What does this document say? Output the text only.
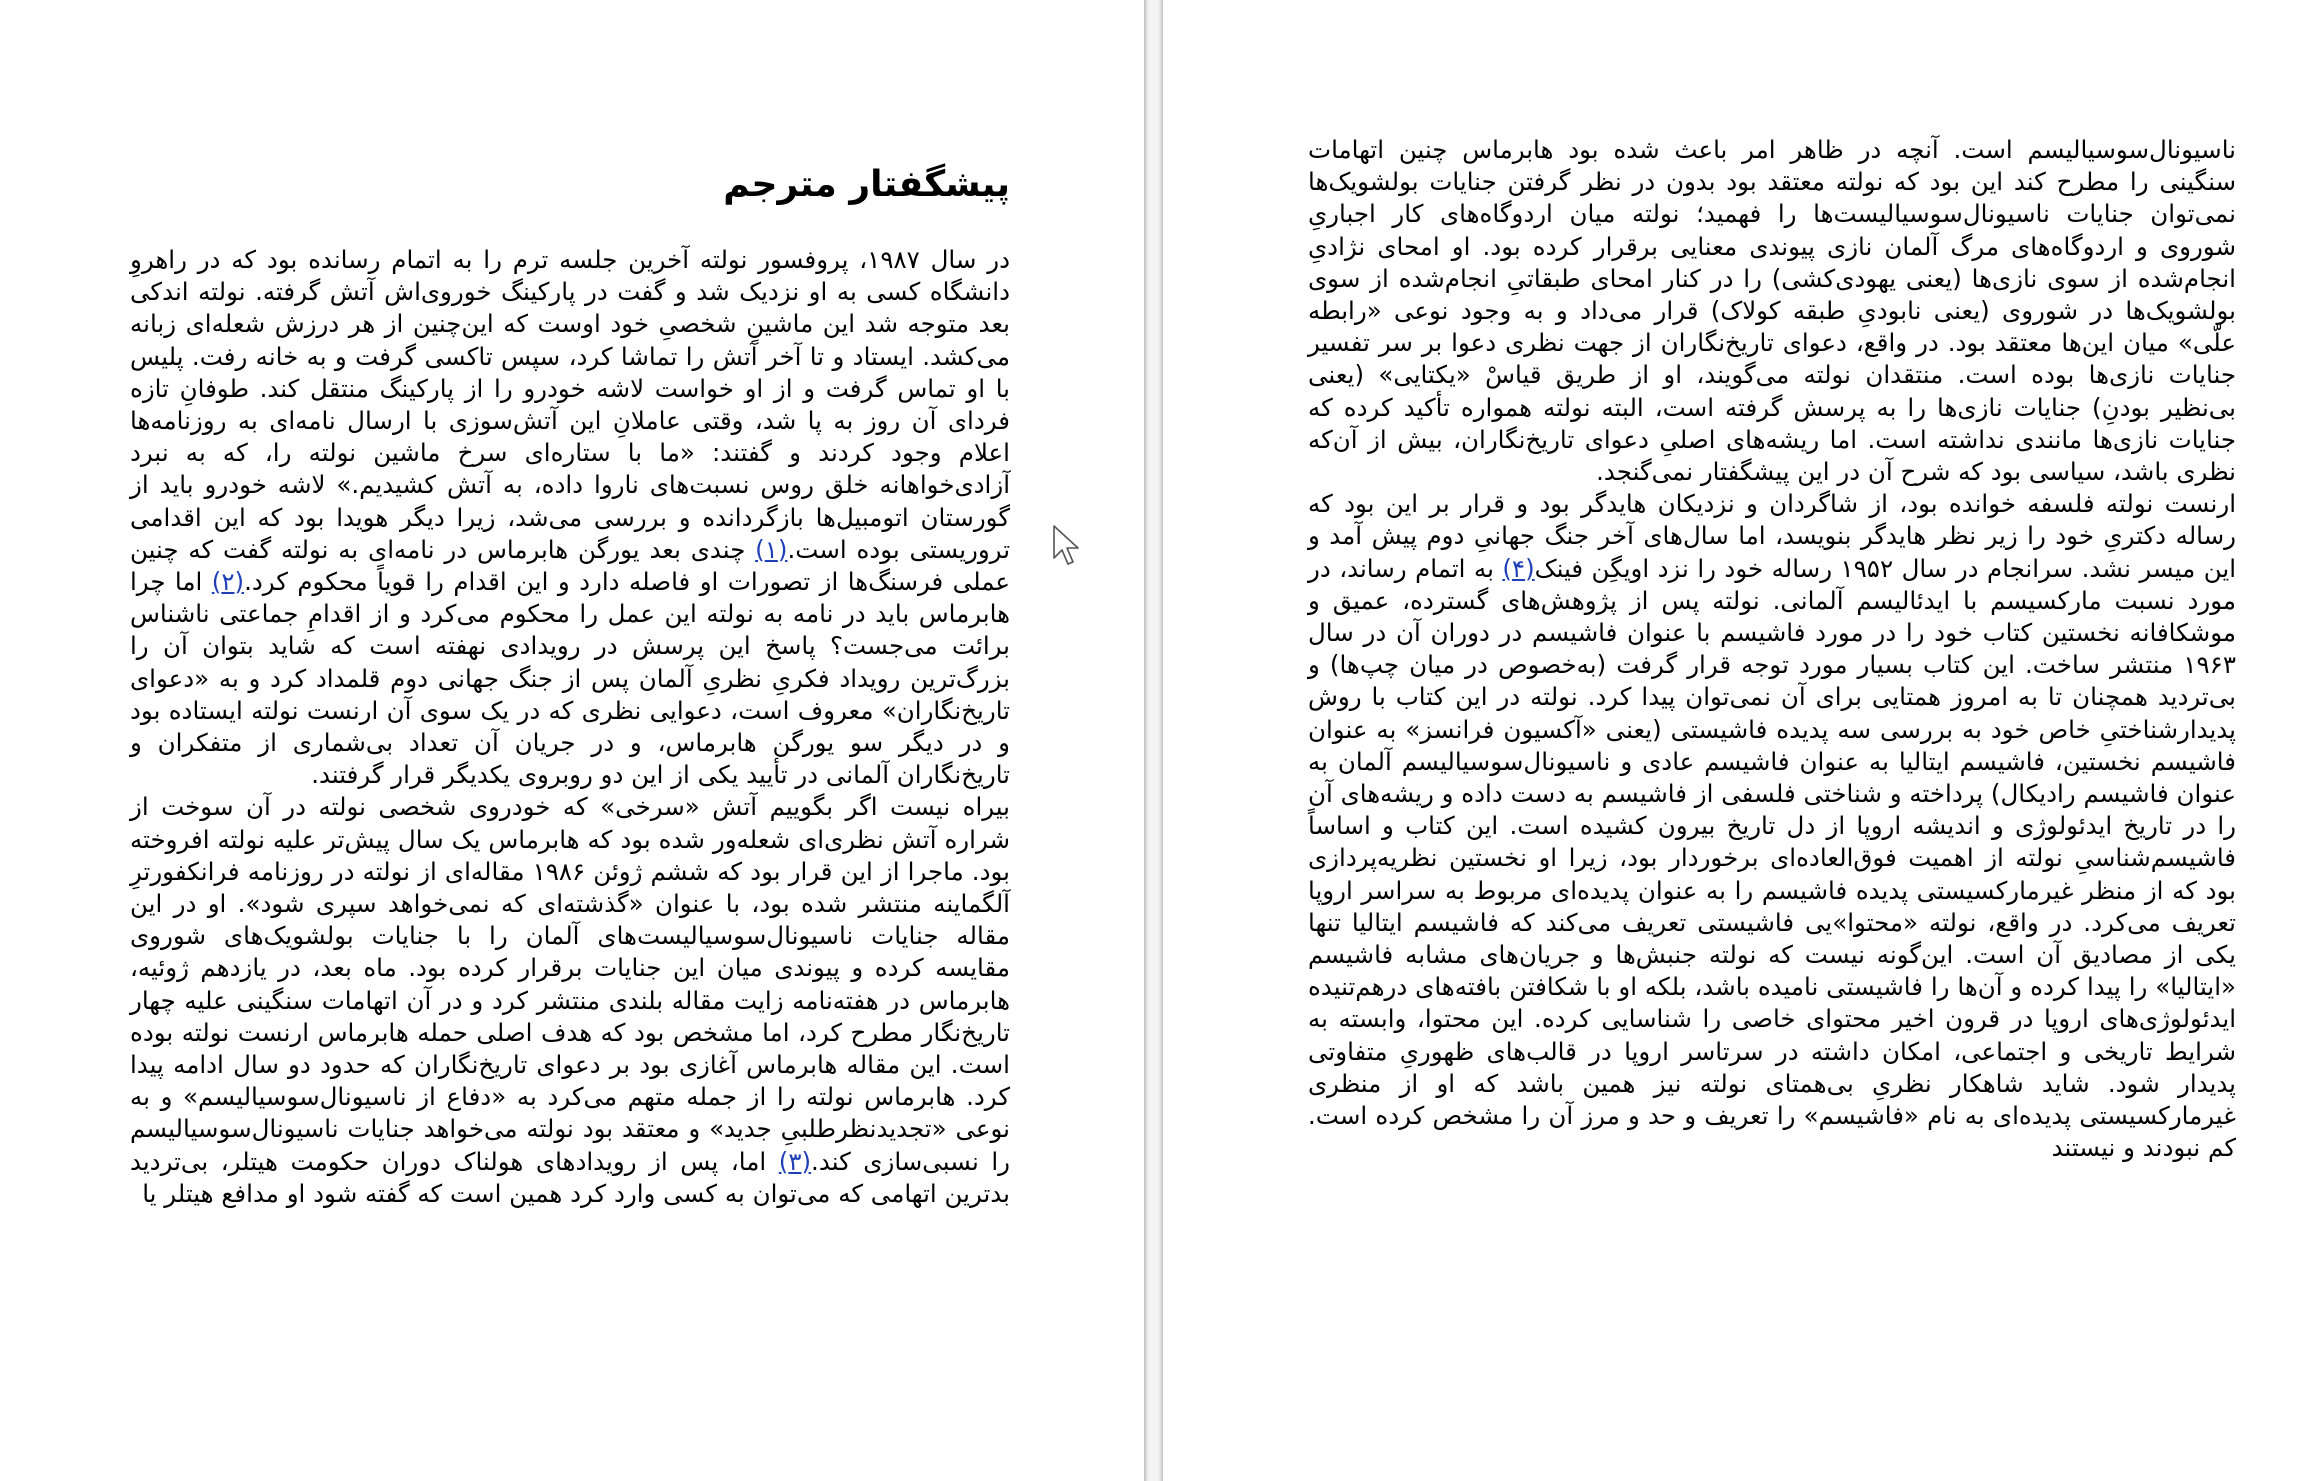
پیشگفتار مترجم

در سال ۱۹۸۷، پروفسور نولته آخرین جلسه ترم را به اتمام رسانده بود که در راهروِ دانشگاه کسی به او نزدیک شد و گفت در پارکینگ خوروی‌اش آتش گرفته. نولته اندکی بعد متوجه شد این ماشینِ شخصیِ خود اوست که این‌چنین از هر درزش شعله‌ای زبانه می‌کشد. ایستاد و تا آخر آتش را تماشا کرد، سپس تاکسی گرفت و به خانه رفت. پلیس با او تماس گرفت و از او خواست لاشه خودرو را از پارکینگ منتقل کند. طوفانِ تازه فردای آن روز به پا شد، وقتی عاملانِ این آتش‌سوزی با ارسال نامه‌ای به روزنامه‌ها اعلام وجود کردند و گفتند: «ما با ستاره‌ای سرخ ماشین نولته را، که به نبرد آزادی‌خواهانه خلق روس نسبت‌های ناروا داده، به آتش کشیدیم.» لاشه خودرو باید از گورستان اتومبیل‌ها بازگردانده و بررسی می‌شد، زیرا دیگر هویدا بود که این اقدامی تروریستی بوده است.(۱) چندی بعد یورگن هابرماس در نامه‌ای به نولته گفت که چنین عملی فرسنگ‌ها از تصورات او فاصله دارد و این اقدام را قویاً محکوم کرد.(۲) اما چرا هابرماس باید در نامه به نولته این عمل را محکوم می‌کرد و از اقدامِ جماعتی ناشناس برائت می‌جست؟ پاسخ این پرسش در رویدادی نهفته است که شاید بتوان آن را بزرگ‌ترین رویداد فکریِ نظریِ آلمان پس از جنگ جهانی دوم قلمداد کرد و به «دعوای تاریخ‌نگاران» معروف است، دعوایی نظری که در یک سوی آن ارنست نولته ایستاده بود و در دیگر سو یورگن هابرماس، و در جریان آن تعداد بی‌شماری از متفکران و تاریخ‌نگاران آلمانی در تأیید یکی از این دو روبروی یکدیگر قرار گرفتند.

بیراه نیست اگر بگوییم آتش «سرخی» که خودروی شخصی نولته در آن سوخت از شراره آتش نظری‌ای شعله‌ور شده بود که هابرماس یک سال پیش‌تر علیه نولته افروخته بود. ماجرا از این قرار بود که ششم ژوئن ۱۹۸۶ مقاله‌ای از نولته در روزنامه فرانکفورترِ آلگماینه منتشر شده بود، با عنوان «گذشته‌ای که نمی‌خواهد سپری شود». او در این مقاله جنایات ناسیونال‌سوسیالیست‌های آلمان را با جنایات بولشویک‌های شوروی مقایسه کرده و پیوندی میان این جنایات برقرار کرده بود. ماه بعد، در یازدهم ژوئیه، هابرماس در هفته‌نامه زایت مقاله بلندی منتشر کرد و در آن اتهامات سنگینی علیه چهار تاریخ‌نگار مطرح کرد، اما مشخص بود که هدف اصلی حمله هابرماس ارنست نولته بوده است. این مقاله هابرماس آغازی بود بر دعوای تاریخ‌نگاران که حدود دو سال ادامه پیدا کرد. هابرماس نولته را از جمله متهم می‌کرد به «دفاع از ناسیونال‌سوسیالیسم» و به نوعی «تجدیدنظرطلبیِ جدید» و معتقد بود نولته می‌خواهد جنایات ناسیونال‌سوسیالیسم را نسبی‌سازی کند.(۳) اما، پس از رویدادهای هولناک دوران حکومت هیتلر، بی‌تردید بدترین اتهامی که می‌توان به کسی وارد کرد همین است که گفته شود او مدافع هیتلر یا

ناسیونال‌سوسیالیسم است. آنچه در ظاهر امر باعث شده بود هابرماس چنین اتهامات سنگینی را مطرح کند این بود که نولته معتقد بود بدون در نظر گرفتن جنایات بولشویک‌ها نمی‌توان جنایات ناسیونال‌سوسیالیست‌ها را فهمید؛ نولته میان اردوگاه‌های کار اجباریِ شوروی و اردوگاه‌های مرگ آلمان نازی پیوندی معنایی برقرار کرده بود. او امحای نژادیِ انجام‌شده از سوی نازی‌ها (یعنی یهودی‌کشی) را در کنار امحای طبقاتیِ انجام‌شده از سوی بولشویک‌ها در شوروی (یعنی نابودیِ طبقه کولاک) قرار می‌داد و به وجود نوعی «رابطه علّی» میان این‌ها معتقد بود. در واقع، دعوای تاریخ‌نگاران از جهت نظری دعوا بر سر تفسیر جنایات نازی‌ها بوده است. منتقدان نولته می‌گویند، او از طریق قیاسْ «یکتایی» (یعنی بی‌نظیر بودنِ) جنایات نازی‌ها را به پرسش گرفته است، البته نولته همواره تأکید کرده که جنایات نازی‌ها مانندی نداشته است. اما ریشه‌های اصلیِ دعوای تاریخ‌نگاران، بیش از آن‌که نظری باشد، سیاسی بود که شرح آن در این پیشگفتار نمی‌گنجد.

ارنست نولته فلسفه خوانده بود، از شاگردان و نزدیکان هایدگر بود و قرار بر این بود که رساله دکتریِ خود را زیر نظر هایدگر بنویسد، اما سال‌های آخر جنگ جهانیِ دوم پیش آمد و این میسر نشد. سرانجام در سال ۱۹۵۲ رساله خود را نزد اویگِن فینک(۴) به اتمام رساند، در مورد نسبت مارکسیسم با ایدئالیسم آلمانی. نولته پس از پژوهش‌های گسترده، عمیق و موشکافانه نخستین کتاب خود را در مورد فاشیسم با عنوان فاشیسم در دوران آن در سال ۱۹۶۳ منتشر ساخت. این کتاب بسیار مورد توجه قرار گرفت (به‌خصوص در میان چپ‌ها) و بی‌تردید همچنان تا به امروز همتایی برای آن نمی‌توان پیدا کرد. نولته در این کتاب با روش پدیدارشناختیِ خاص خود به بررسی سه پدیده فاشیستی (یعنی «آکسیون فرانسز» به عنوان فاشیسم نخستین، فاشیسم ایتالیا به عنوان فاشیسم عادی و ناسیونال‌سوسیالیسم آلمان به عنوان فاشیسم رادیکال) پرداخته و شناختی فلسفی از فاشیسم به دست داده و ریشه‌های آن را در تاریخ ایدئولوژی و اندیشه اروپا از دل تاریخ بیرون کشیده است. این کتاب و اساساً فاشیسم‌شناسیِ نولته از اهمیت فوق‌العاده‌ای برخوردار بود، زیرا او نخستین نظریه‌پردازی بود که از منظر غیرمارکسیستی پدیده فاشیسم را به عنوان پدیده‌ای مربوط به سراسر اروپا تعریف می‌کرد. در واقع، نولته «محتوا»یی فاشیستی تعریف می‌کند که فاشیسم ایتالیا تنها یکی از مصادیق آن است. این‌گونه نیست که نولته جنبش‌ها و جریان‌های مشابه فاشیسم «ایتالیا» را پیدا کرده و آن‌ها را فاشیستی نامیده باشد، بلکه او با شکافتن بافته‌های درهم‌تنیده ایدئولوژی‌های اروپا در قرون اخیر محتوای خاصی را شناسایی کرده. این محتوا، وابسته به شرایط تاریخی و اجتماعی، امکان داشته در سرتاسر اروپا در قالب‌های ظهوریِ متفاوتی پدیدار شود. شاید شاهکار نظریِ بی‌همتای نولته نیز همین باشد که او از منظری غیرمارکسیستی پدیده‌ای به نام «فاشیسم» را تعریف و حد و مرز آن را مشخص کرده است. کم نبودند و نیستند
